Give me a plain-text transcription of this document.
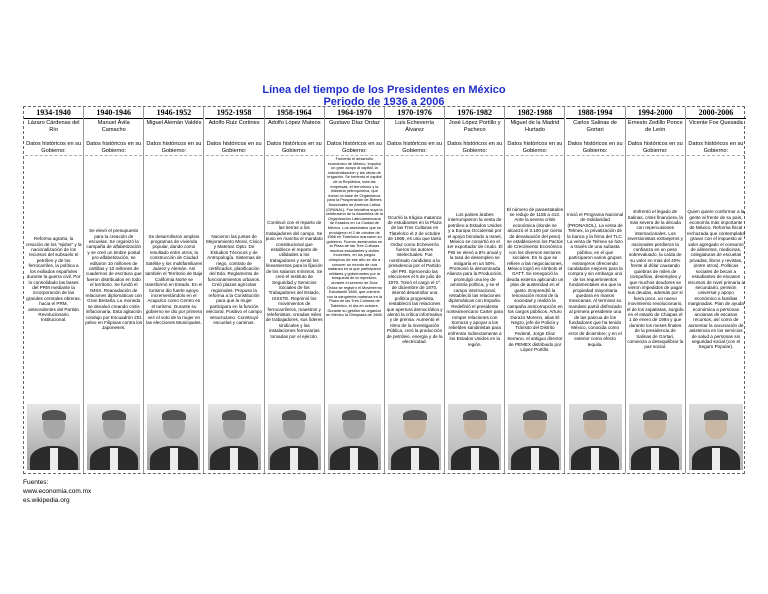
Línea del tiempo de los Presidentes en México
Periodo de 1936 a 2006
1934-1940
Lázaro Cárdenas del Río
Datos históricos en su Gobierno:
Reforma agraria, la creación de los "ejidos" y la nacionalización de los recursos del subsuelo el petróleo y de los ferrocarriles, la política a los exiliados españoles durante la guerra civil. Por lo consolidado las bases del PRM mediante la incorporación de las grandes centrales obreras, hacia el PRM, antecedentes del Partido Revolucionario Institucional.
1940-1946
Manuel Ávila Camacho
Datos históricos en su Gobierno:
Se elevó el presupuesto para la creación de escuelas. Se organizó la campaña de alfabetización y se creó un timbre postal pro-alfabetización, se editaron 10 millones de cartillas y 10 millones de cuadernos de escritura que fueron distribuidos en todo el territorio. Se fundó el IMSS. Reanudación de relaciones diplomáticas con Gran Bretaña. La moneda se devaluó creando crisis inflacionaria. Esta agitación condujo por Escuadrón 201 peleo en Filipinas contra los Japoneses.
1946-1952
Miguel Alemán Valdés
Datos históricos en su Gobierno:
Se desarrollaron amplios programas de vivienda popular, dando como resultado entre otros, la construcción de Ciudad Satélite y los multifamiliares Juárez y Alemán. Así también el Territorio de Baja California Norte se transformó en Estado. En el turismo dio fuerte apoyo incrementándolo en el Acapulco como Centro en el turismo. Durante su gobierno se dio por primera vez el voto de la mujer en las elecciones Municipales.
1952-1958
Adolfo Ruiz Cortines
Datos históricos en su Gobierno:
Nacieron las juntas de Mejoramiento Moral, Cívico y Material. Dpto. De Estudios Técnicos y de Antropología. Sistemas de riego, contrato de certificados, planificación del Edo. Reglamento de funcionamientos urbanos. Creó plazas agrícolas regionales. Propuso la reforma a la Constitución para que la mujer participara en la función electoral. Positivo el campo veracruzano. Construyó escuelas y caminos.
1958-1964
Adolfo López Mateos
Datos históricos en su Gobierno:
Continuó con el reparto de las tierras a los trabajadores del campo. Se puso en marcha el mandato constitucional que establece el reparto de utilidades a los trabajadores y sentó los lineamientos para la fijación de los salarios mínimos. Se creó el Instituto de Seguridad y Servicios Sociales de los Trabajadores del Estado, ISSSTE. Reprimió los movimientos de ferrocarrileros, maestros y telefonistas, creadas miles de trabajadores, sus líderes sindicales y las instalaciones ferroviarias tomadas por el ejército.
1964-1970
Gustavo Díaz Ordaz
Datos históricos en su Gobierno:
Fomentó el desarrollo económico de México, impulsó un gran apoyo al capital, la industrialización y las obras de irrigación. Se fomentó el capital de la República, más las empresas, el terrorismo y la industria petroquímica, que fueron la base de Organismos para la Prosperación de Bienes Nacionales de América Latina (OPANAL). Fue iniciativa suya la celebración de la Asamblea de la Organización Latinoamericana de Estados en La Ciudad de México. Los asesinatos que se produjeron el 2 de octubre de 1968 en Tlatelolco marcaron su gobierno. Fueron asesinados en la Plaza de las Tres Culturas muchos estudiantes y civiles inocentes, en los juegos olímpicos de ese año se dio a conocer un mundo de una matanza en la que participaron militares y gobernantes por la búsqueda de la represión, durante el sexenio de Díaz Ordaz se registró el Movimiento Estudiantil 1968, que culminó con la sangrienta matanza en la Plaza de las Tres Culturas de Tlatelolco, el día en octubre. Durante su gestión se organizó en México la Olimpiada de 1968.
1970-1976
Luis Echeverría Álvarez
Datos históricos en su Gobierno:
Ocurrió la trágica matanza de estudiantes en la Plaza de las Tres Culturas en Tlatelolco el 2 de octubre de 1968, es una que tanto Ordaz como Echeverría fueron los autores intelectuales. Fue nombrado candidato a la presidencia por el Partido del PRI. Ejerciendo las elecciones el 5 de julio de 1970. Tomó el cargo el 1º. de diciembre de 1970, intentó desarrollar una política progresista, restableció las relaciones que apertura democrática y alentó la crítica informativa y de prensa. Aumentó el ritmo de la investigación Pública, creó la producción de petróleo, energía y de la electricidad.
1976-1982
José López Portillo y Pacheco
Datos históricos en su Gobierno:
Los países árabes interrumpieron la venta de petróleo a Estados Unidos y a Europa Occidental por el apoyo brindado a Israel, México se convirtió en el 1er exportador de crudo. El PIB se elevó a 8% anual y la tasa de desempleo se mitigaría en un 50%. Promovió la denominada Alianza para la Producción, promulgó una ley de amnistía política, y se el campo internacional, restableció las relaciones diplomáticas con España. Redefinió el presidente norteamericano Carter para romper relaciones con Somoza y apoyar a los rebeldes sandinistas para enfrentar indirectamente a los Estados Unidos en la región.
1982-1988
Miguel de la Madrid Hurtado
Datos históricos en su Gobierno:
El número de paraestatales se redujo de 1155 a 413. Ante la severa crisis económica (donde se alcanzó el 3.100 por ciento de devaluación del peso) se establecieron los Pactos de Crecimiento Económico con los diversos sectores sociales. En lo que se refiere a las negociaciones, México logró en símbolo el GATT. Se renegoció la deuda externa aplicando un plan de austeridad en el gasto. Emprendió la renovación moral de la sociedad y realizó la campaña anticorrupción en los cargos públicos. Arturo Durazo Moreno, alias El Negro, jefe de Policía y Tránsito del Distrito Federal, Jorge Díaz Serrano, el antiguo director de PEMEX distribuido por López Portillo.
1988-1994
Carlos Salinas de Gortari
Datos históricos en su Gobierno:
Inició el Programa Nacional de Solidaridad (PRONASOL). La venta de Telmex, la privatización de la banca y la firma del TLC. La venta de Telmex se hizo a través de una subasta pública, en el que participaron varios grupos extranjeros ofreciendo candidatos mejores para la compra y sin embargo uno de los requerimientos fundamentales era que la propiedad mayoritaria quedara en manos mexicanas. Al terminar su mandato partió disfrazado al primera presidente una de las pascua de los fundadores que ha tenido México, conocida como error de diciembre; y en el exterior como efecto tequila.
1994-2000
Ernesto Zedillo Ponce de León
Datos históricos en su Gobierno:
Enfrentó el legado de Salinas, crisis financiera, la más severa de la década con repercusiones internacionales. Los inversionistas extranjeros y nacionales perdieron la confianza en un peso sobrevaluado, la caída de su valor en más del 40% frente al dólar causando quiebras de miles de compañías, desempleo y que muchos deudores se vieron impedidos de pagar sus deudas, además por si fuera poco, un nuevo movimiento revolucionario, el de los zapatistas, surgido en el estado de Chiapas el 1 de enero de 1994 y que durante los meses finales de la presidencia de Salinas de Gortari, comienza a desequilibrar la paz social.
2000-2006
Vicente Fox Quesada
Datos históricos en su Gobierno:
Quien quiere conformar a la gente al frente de su país, economía más importante de México. Reforma fiscal rechazada que contemplaba gravar con el impuesto al valor agregado el consumo de alimentos, medicinas, colegiaturas de escuelas privadas, libros y revistas, (entre otros). Políticas sociales de becas a estudiantes de escasos recursos de nivel primaria a secundario, pensión universal y apoyo económico a familias marginadas. Plan de ayuda económica a personas ancianas de escasos recursos, así como de aumentar la vacunación de asistencia en los servicios de salud a personas sin seguridad social (con el Seguro Popular).
Fuentes:
www.economia.com.mx
es.wikipedia.org
